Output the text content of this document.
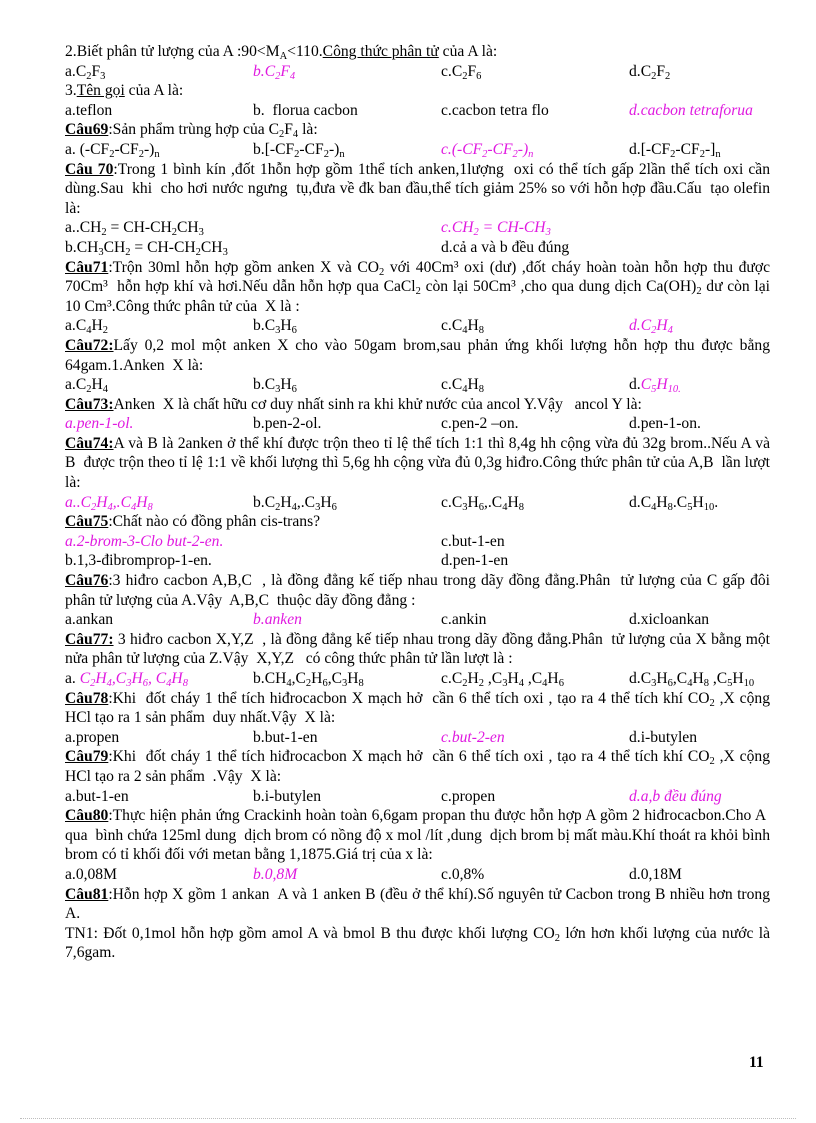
2.Biết phân tử lượng của A $:90<M_A<110.Công$ thức phân tử của A là:

$a.C_2F_3$	$b.C_2F_4$	$c.C_2F_6$	$d.C_2F_2$

3.Tên gọi của A là:

a.teflon	b.  florua cacbon	c.cacbon tetra flo	d.cacbon tetraforua

Câu69:Sản phẩm trùng hợp của $C_2F_4$ là:

a. $(-CF_2-CF_2-)_n$	$b.[-CF_2-CF_2-)_n$	$c.(-CF_2-CF_2-)_n$	$d.[-CF_2-CF_2-]_n$

Câu 70:Trong 1 bình kín ,đốt 1hỗn hợp gồm 1thể tích anken,1lượng  oxi có thể tích gấp 2lần thể tích oxi cần dùng.Sau  khi  cho hơi nước ngưng  tụ,đưa về đk ban đầu,thể tích giảm 25% so với hỗn hợp đầu.Cấu  tạo olefin là:

$a..CH_2 = CH-CH_2CH_3$	$c.CH_2 = CH-CH_3$
$b.CH_3CH_2 = CH-CH_2CH_3$	d.cả a và b đều đúng

Câu71:Trộn 30ml hỗn hợp gồm anken X và $CO_2$ với 40Cm³ oxi (dư) ,đốt cháy hoàn toàn hỗn hợp thu được 70Cm³  hỗn hợp khí và hơi.Nếu dẫn hỗn hợp qua CaCl$_2$ còn lại 50Cm³ ,cho qua dung dịch $Ca(OH)_2$ dư còn lại 10 Cm³.Công thức phân tử của  X là :

$a.C_4H_2$	$b.C_3H_6$	$c.C_4H_8$	$d.C_2H_4$

Câu72:Lấy 0,2 mol một anken X cho vào 50gam brom,sau phản ứng khối lượng hỗn hợp thu được bằng 64gam.1.Anken  X là:

$a.C_2H_4$	$b.C_3H_6$	$c.C_4H_8$	$d.C_5H_{10.}$

Câu73:Anken  X là chất hữu cơ duy nhất sinh ra khi khử nước của ancol Y.Vậy   ancol Y là:

a.pen-1-ol.	b.pen-2-ol.	c.pen-2 –on.	d.pen-1-on.

Câu74:A và B là 2anken ở thể khí được trộn theo tỉ lệ thể tích 1:1 thì 8,4g hh cộng vừa đủ 32g brom..Nếu A và B  được trộn theo tỉ lệ 1:1 về khối lượng thì 5,6g hh cộng vừa đủ 0,3g hiđro.Công thức phân tử của A,B  lần lượt là:

$a..C_2H_4,.C_4H_8$	$b.C_2H_4,.C_3H_6$	$c.C_3H_6,.C_4H_8$	$d.C_4H_8.C_5H_{10}$.

Câu75:Chất nào có đồng phân cis-trans?

a.2-brom-3-Clo but-2-en.	c.but-1-en
b.1,3-đibromprop-1-en.	d.pen-1-en

Câu76:3 hiđro cacbon A,B,C  , là đồng đẳng kế tiếp nhau trong dãy đồng đẳng.Phân  tử lượng của C gấp đôi phân tử lượng của A.Vậy  A,B,C  thuộc dãy đồng đẳng :

a.ankan	b.anken	c.ankin	d.xicloankan

Câu77: 3 hiđro cacbon X,Y,Z  , là đồng đẳng kế tiếp nhau trong dãy đồng đẳng.Phân  tử lượng của X bằng một nửa phân tử lượng của Z.Vậy  X,Y,Z   có công thức phân tử lần lượt là :

a. $C_2H_4,C_3H_6$, $C_4H_8$	$b.CH_4,C_2H_6,C_3H_8$	$c.C_2H_2$ $,C_3H_4$ $,C_4H_6$	$d.C_3H_6,C_4H_8$ $,C_5H_{10}$

Câu78:Khi  đốt cháy 1 thể tích hiđrocacbon X mạch hở  cần 6 thể tích oxi , tạo ra 4 thể tích khí $CO_2$ ,X cộng HCl tạo ra 1 sản phẩm  duy nhất.Vậy  X là:

a.propen	b.but-1-en	c.but-2-en	d.i-butylen

Câu79:Khi  đốt cháy 1 thể tích hiđrocacbon X mạch hở  cần 6 thể tích oxi , tạo ra 4 thể tích khí $CO_2$ ,X cộng HCl tạo ra 2 sản phẩm  .Vậy  X là:

a.but-1-en	b.i-butylen	c.propen	d.a,b đều đúng

Câu80:Thực hiện phản ứng Crackinh hoàn toàn 6,6gam propan thu được hỗn hợp A gồm 2 hiđrocacbon.Cho A  qua  bình chứa 125ml dung  dịch brom có nồng độ x mol /lít ,dung  dịch brom bị mất màu.Khí thoát ra khỏi bình brom có tỉ khối đối với metan bằng 1,1875.Giá trị của x là:

a.0,08M	b.0,8M	c.0,8%	d.0,18M

Câu81:Hỗn hợp X gồm 1 ankan  A và 1 anken B (đều ở thể khí).Số nguyên tử Cacbon trong B nhiều hơn trong A.

TN1: Đốt 0,1mol hỗn hợp gồm amol A và bmol B thu được khối lượng $CO_2$ lớn hơn khối lượng của nước là 7,6gam.

11
